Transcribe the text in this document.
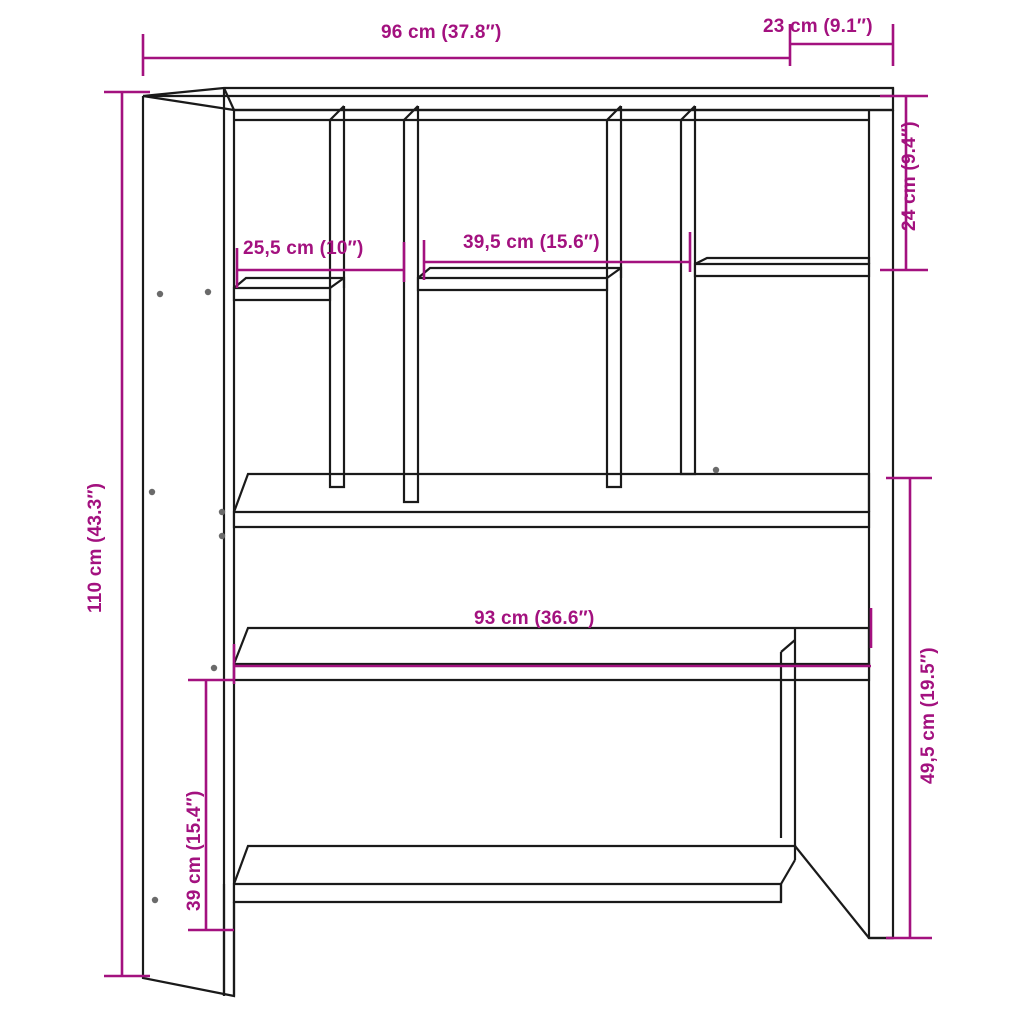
96 cm (37.8″)	23 cm (9.1″)
25,5 cm (10″)	39,5 cm (15.6″)
24 cm (9.4″)
110 cm (43.3″)
93 cm (36.6″)
49,5 cm (19.5″)
39 cm (15.4″)
